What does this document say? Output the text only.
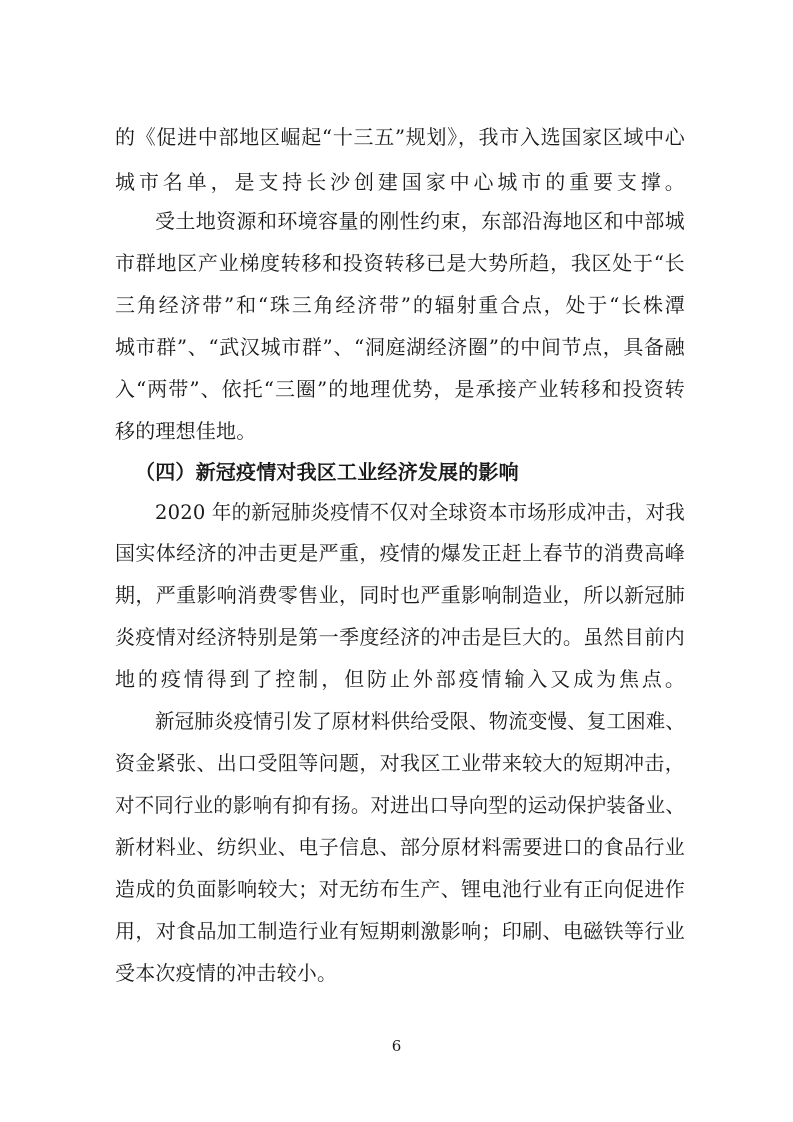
的《促进中部地区崛起“十三五”规划》，我市入选国家区域中心
城市名单，是支持长沙创建国家中心城市的重要支撑。
受土地资源和环境容量的刚性约束，东部沿海地区和中部城
市群地区产业梯度转移和投资转移已是大势所趋，我区处于“长
三角经济带”和“珠三角经济带”的辐射重合点，处于“长株潭
城市群”、“武汉城市群”、“洞庭湖经济圈”的中间节点，具备融
入“两带”、依托“三圈”的地理优势，是承接产业转移和投资转
移的理想佳地。
（四）新冠疫情对我区工业经济发展的影响
2020 年的新冠肺炎疫情不仅对全球资本市场形成冲击，对我
国实体经济的冲击更是严重，疫情的爆发正赶上春节的消费高峰
期，严重影响消费零售业，同时也严重影响制造业，所以新冠肺
炎疫情对经济特别是第一季度经济的冲击是巨大的。虽然目前内
地的疫情得到了控制，但防止外部疫情输入又成为焦点。
新冠肺炎疫情引发了原材料供给受限、物流变慢、复工困难、
资金紧张、出口受阻等问题，对我区工业带来较大的短期冲击，
对不同行业的影响有抑有扬。对进出口导向型的运动保护装备业、
新材料业、纺织业、电子信息、部分原材料需要进口的食品行业
造成的负面影响较大；对无纺布生产、锂电池行业有正向促进作
用，对食品加工制造行业有短期刺激影响；印刷、电磁铁等行业
受本次疫情的冲击较小。
6
